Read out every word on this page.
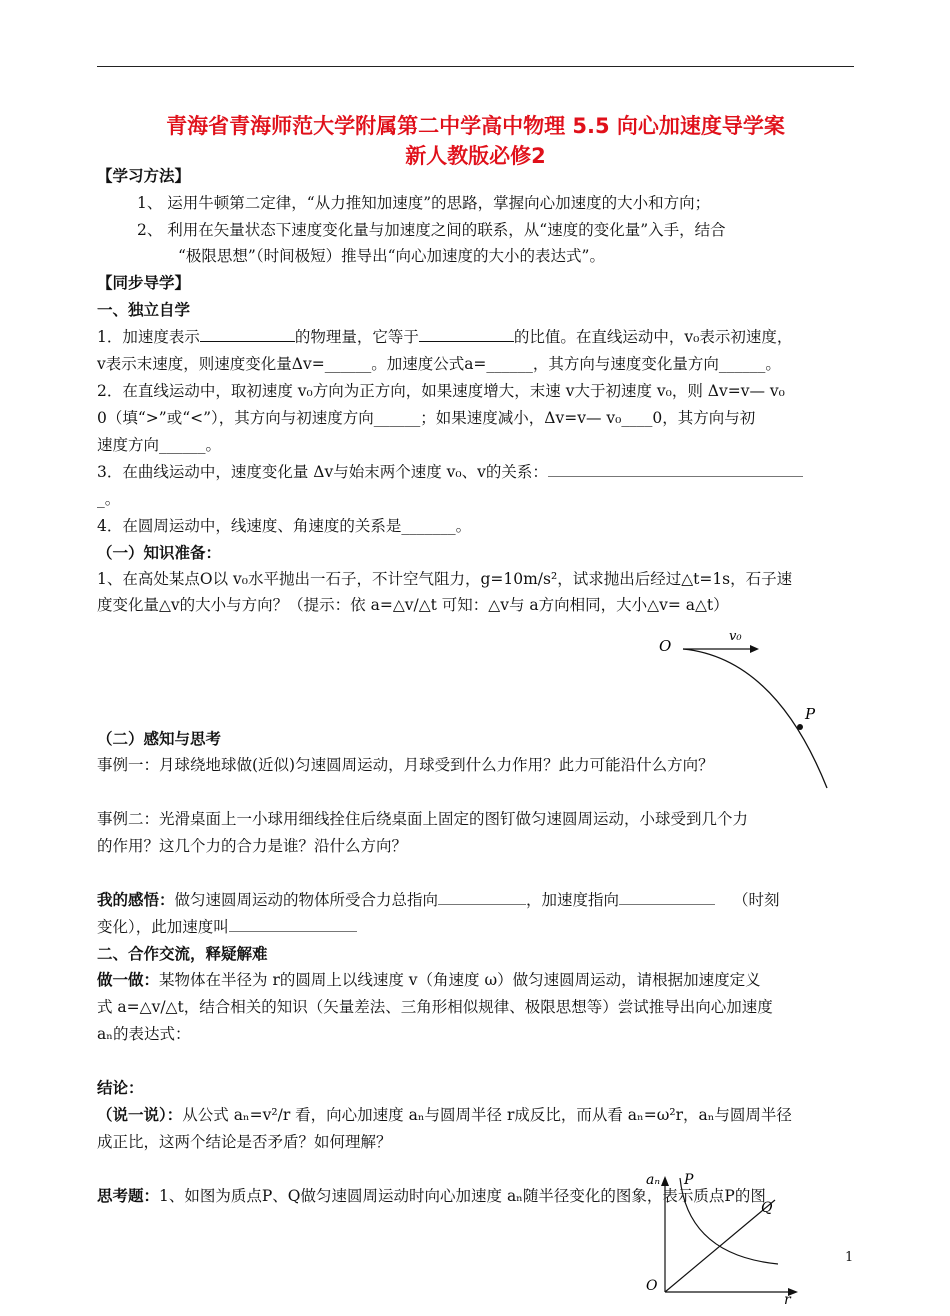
青海省青海师范大学附属第二中学高中物理 5.5 向心加速度导学案
新人教版必修2
【学习方法】
1、 运用牛顿第二定律，“从力推知加速度”的思路，掌握向心加速度的大小和方向；
2、 利用在矢量状态下速度变化量与加速度之间的联系，从“速度的变化量”入手，结合
“极限思想”（时间极短）推导出“向心加速度的大小的表达式”。
【同步导学】
一、独立自学
1．加速度表示	的物理量，它等于	的比值。在直线运动中，v₀表示初速度，
v表示末速度，则速度变化量Δv=______。加速度公式a=______，其方向与速度变化量方向______。
2．在直线运动中，取初速度 v₀方向为正方向，如果速度增大，末速 v大于初速度 v₀，则 Δv=v— v₀
0（填“>”或“<”），其方向与初速度方向______；如果速度减小，Δv=v— v₀____0，其方向与初
速度方向______。
3．在曲线运动中，速度变化量 Δv与始末两个速度 v₀、v的关系：
_。
4．在圆周运动中，线速度、角速度的关系是_______。
（一）知识准备：
1、在高处某点O以 v₀水平抛出一石子，不计空气阻力，g=10m/s²，试求抛出后经过△t=1s，石子速
度变化量△v的大小与方向？（提示：依 a=△v/△t 可知：△v与 a方向相同，大小△v= a△t）
O
v₀
P
（二）感知与思考
事例一：月球绕地球做(近似)匀速圆周运动，月球受到什么力作用？此力可能沿什么方向？
事例二：光滑桌面上一小球用细线拴住后绕桌面上固定的图钉做匀速圆周运动，小球受到几个力
的作用？这几个力的合力是谁？沿什么方向？
我的感悟：做匀速圆周运动的物体所受合力总指向	，加速度指向	（时刻
变化），此加速度叫
二、合作交流，释疑解难
做一做：某物体在半径为 r的圆周上以线速度 v（角速度 ω）做匀速圆周运动，请根据加速度定义
式 a=△v/△t，结合相关的知识（矢量差法、三角形相似规律、极限思想等）尝试推导出向心加速度
aₙ的表达式：
结论：
（说一说）：从公式 aₙ=v²/r 看，向心加速度 aₙ与圆周半径 r成反比，而从看 aₙ=ω²r，aₙ与圆周半径
成正比，这两个结论是否矛盾？如何理解？
思考题：1、如图为质点P、Q做匀速圆周运动时向心加速度 aₙ随半径变化的图象，表示质点P的图
aₙ P
Q
O
r
1
